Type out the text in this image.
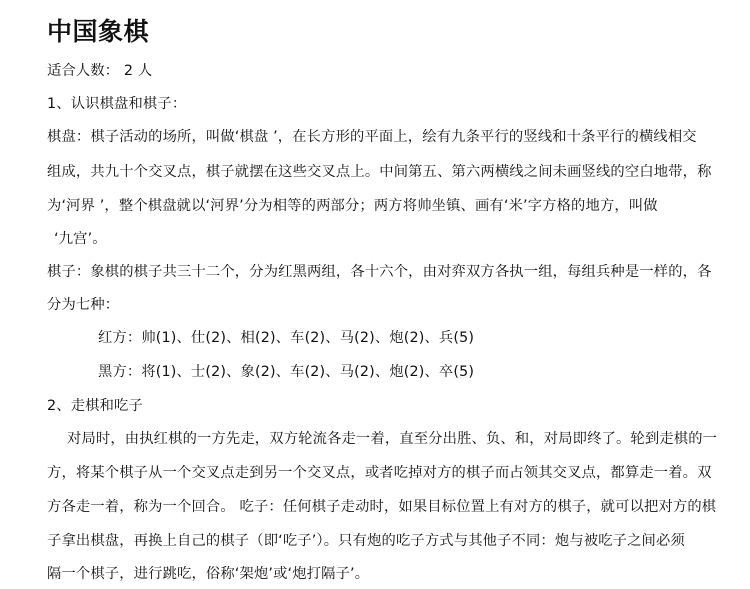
中国象棋
适合人数： 2 人
1、认识棋盘和棋子：
棋盘：棋子活动的场所，叫做‘棋盘 ’，在长方形的平面上，绘有九条平行的竖线和十条平行的横线相交
组成，共九十个交叉点，棋子就摆在这些交叉点上。中间第五、第六两横线之间未画竖线的空白地带，称
为‘河界 ’，整个棋盘就以‘河界’分为相等的两部分；两方将帅坐镇、画有‘米’字方格的地方，叫做
‘九宫’。
棋子：象棋的棋子共三十二个，分为红黑两组，各十六个，由对弈双方各执一组，每组兵种是一样的，各
分为七种：
红方：帅(1)、仕(2)、相(2)、车(2)、马(2)、炮(2)、兵(5)
黑方：将(1)、士(2)、象(2)、车(2)、马(2)、炮(2)、卒(5)
2、走棋和吃子
对局时，由执红棋的一方先走，双方轮流各走一着，直至分出胜、负、和，对局即终了。轮到走棋的一
方，将某个棋子从一个交叉点走到另一个交叉点，或者吃掉对方的棋子而占领其交叉点，都算走一着。双
方各走一着，称为一个回合。 吃子：任何棋子走动时，如果目标位置上有对方的棋子，就可以把对方的棋
子拿出棋盘，再换上自己的棋子（即‘吃子’）。只有炮的吃子方式与其他子不同：炮与被吃子之间必须
隔一个棋子，进行跳吃，俗称‘架炮’或‘炮打隔子’。
